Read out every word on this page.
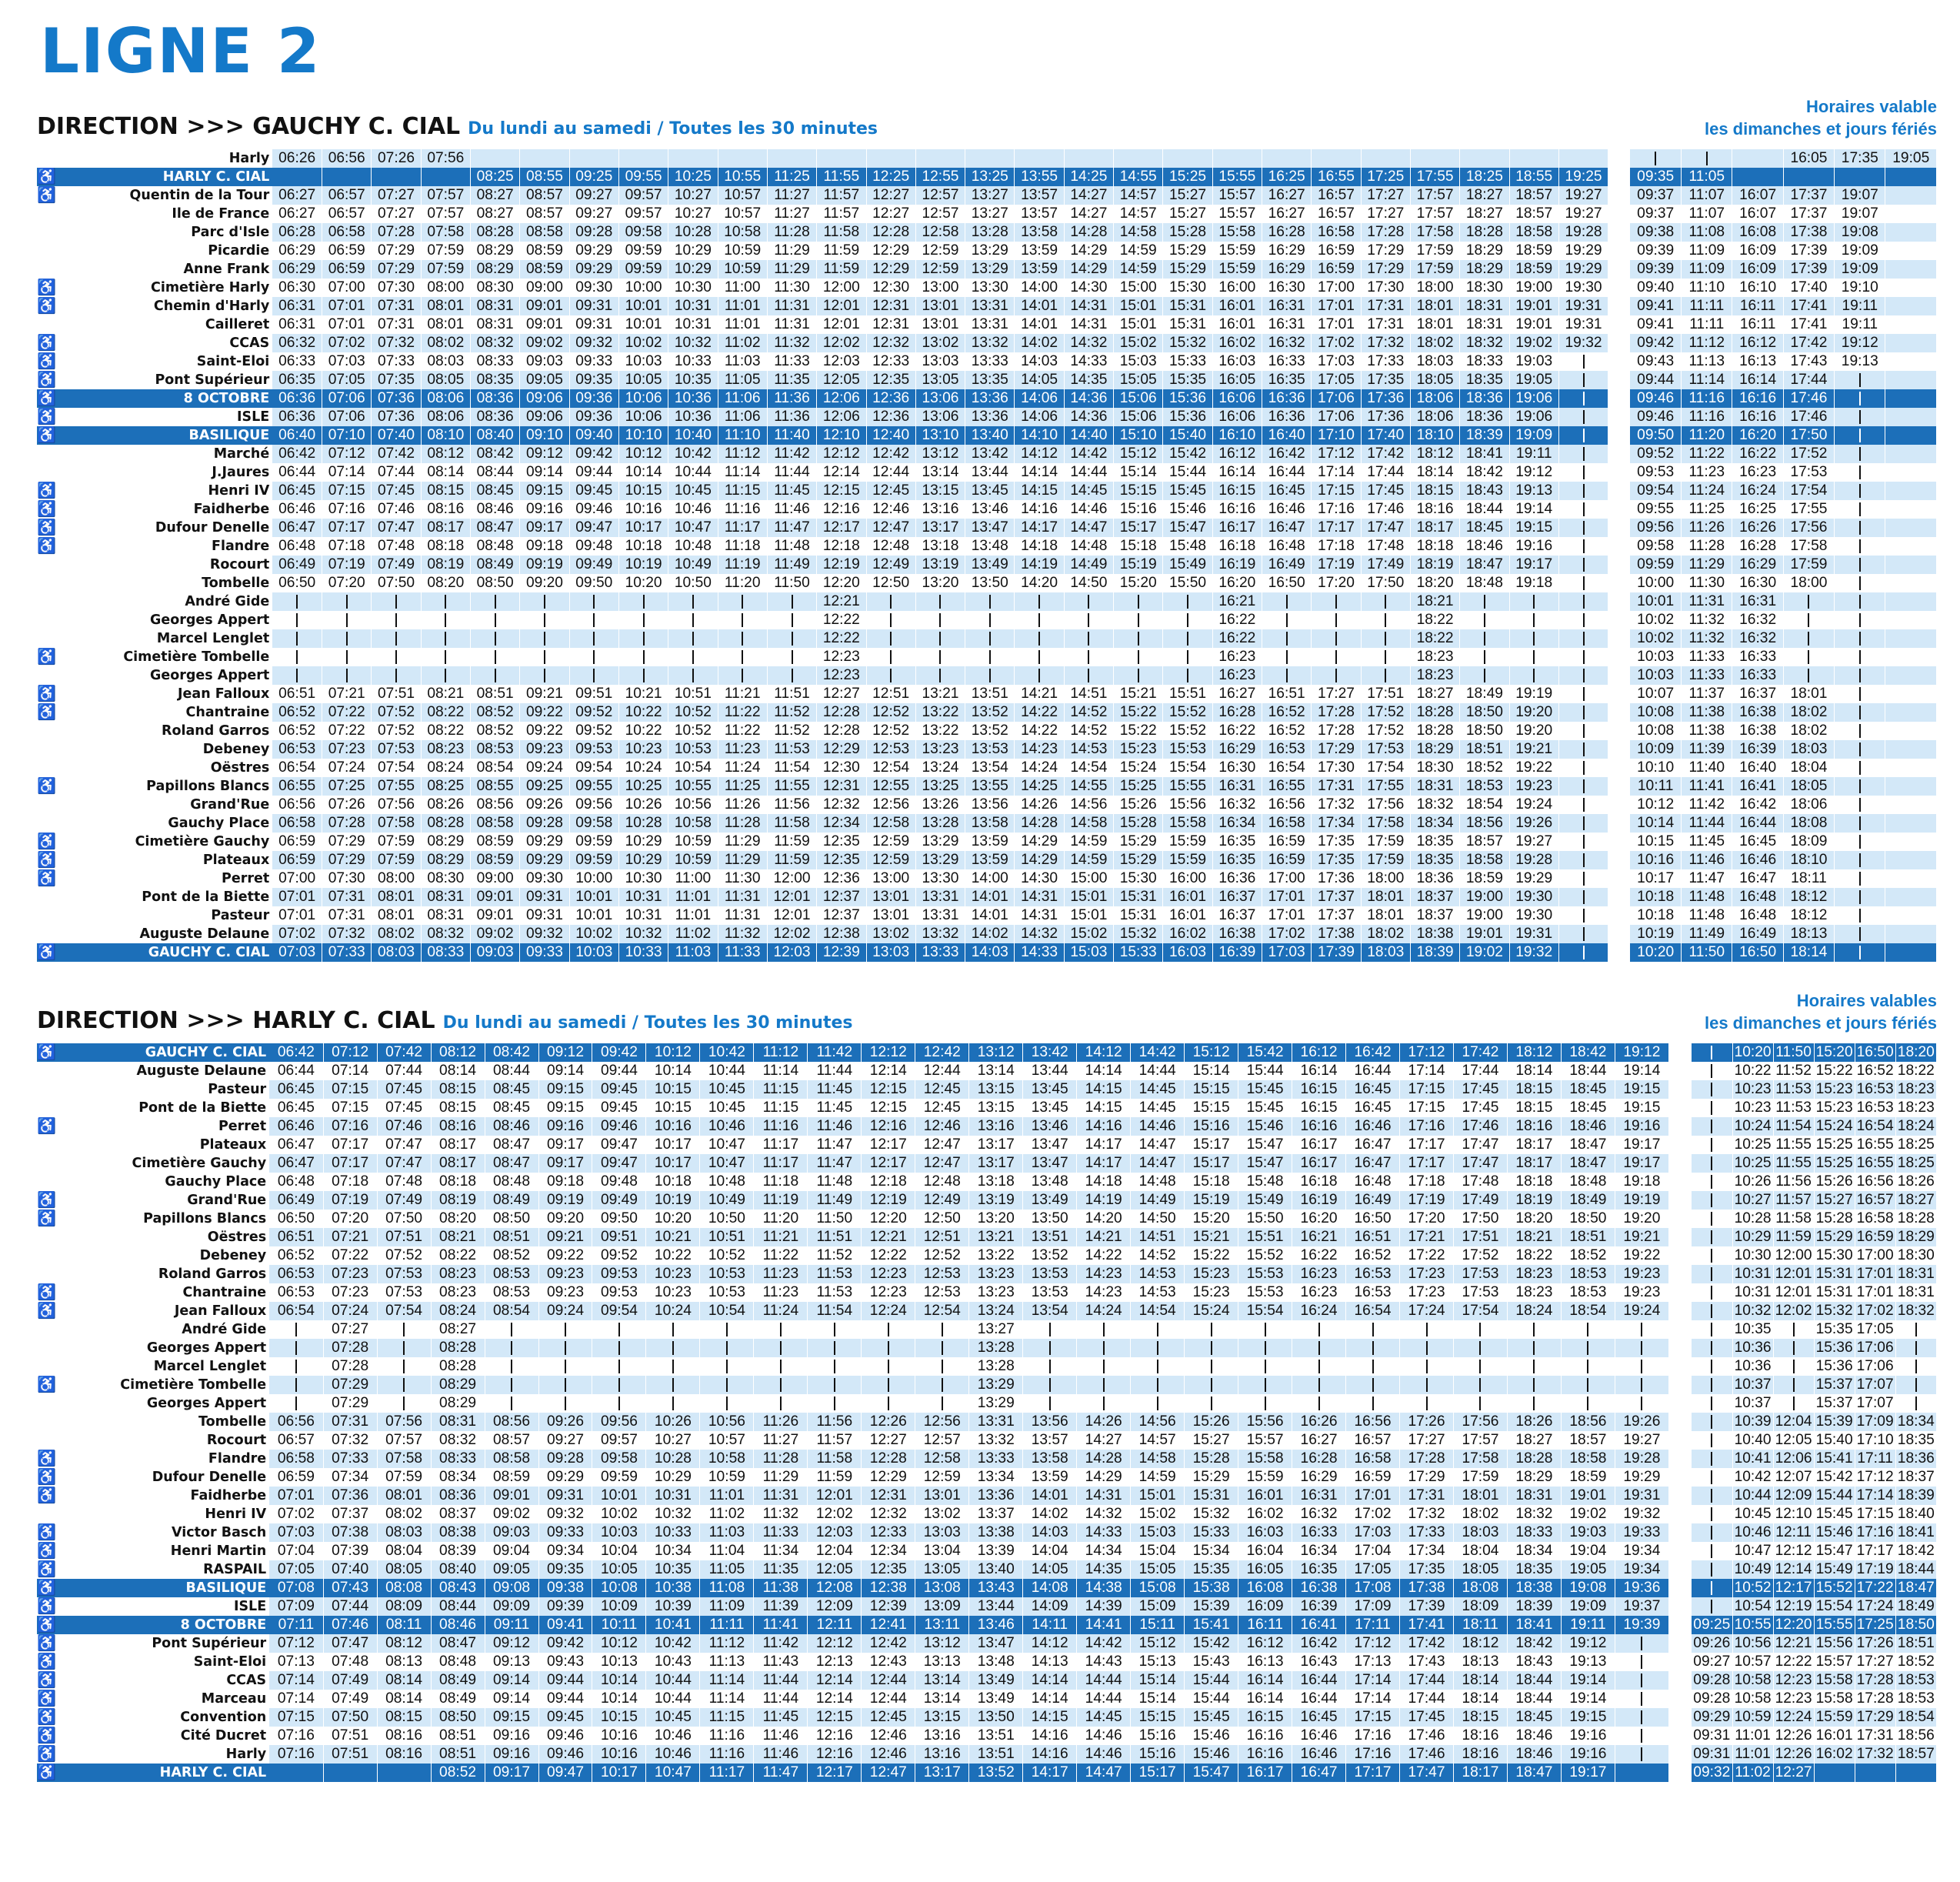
LIGNE 2
DIRECTION >>> GAUCHY C. CIAL Du lundi au samedi / Toutes les 30 minutes
Horaires valable
les dimanches et jours fériés
	Harly	06:26	06:56	07:26	07:56																												16:05	17:35	19:05
♿	HARLY C. CIAL					08:25	08:55	09:25	09:55	10:25	10:55	11:25	11:55	12:25	12:55	13:25	13:55	14:25	14:55	15:25	15:55	16:25	16:55	17:25	17:55	18:25	18:55	19:25		09:35	11:05				
♿	Quentin de la Tour	06:27	06:57	07:27	07:57	08:27	08:57	09:27	09:57	10:27	10:57	11:27	11:57	12:27	12:57	13:27	13:57	14:27	14:57	15:27	15:57	16:27	16:57	17:27	17:57	18:27	18:57	19:27		09:37	11:07	16:07	17:37	19:07	
	Ile de France	06:27	06:57	07:27	07:57	08:27	08:57	09:27	09:57	10:27	10:57	11:27	11:57	12:27	12:57	13:27	13:57	14:27	14:57	15:27	15:57	16:27	16:57	17:27	17:57	18:27	18:57	19:27		09:37	11:07	16:07	17:37	19:07	
	Parc d'Isle	06:28	06:58	07:28	07:58	08:28	08:58	09:28	09:58	10:28	10:58	11:28	11:58	12:28	12:58	13:28	13:58	14:28	14:58	15:28	15:58	16:28	16:58	17:28	17:58	18:28	18:58	19:28		09:38	11:08	16:08	17:38	19:08	
	Picardie	06:29	06:59	07:29	07:59	08:29	08:59	09:29	09:59	10:29	10:59	11:29	11:59	12:29	12:59	13:29	13:59	14:29	14:59	15:29	15:59	16:29	16:59	17:29	17:59	18:29	18:59	19:29		09:39	11:09	16:09	17:39	19:09	
	Anne Frank	06:29	06:59	07:29	07:59	08:29	08:59	09:29	09:59	10:29	10:59	11:29	11:59	12:29	12:59	13:29	13:59	14:29	14:59	15:29	15:59	16:29	16:59	17:29	17:59	18:29	18:59	19:29		09:39	11:09	16:09	17:39	19:09	
♿	Cimetière Harly	06:30	07:00	07:30	08:00	08:30	09:00	09:30	10:00	10:30	11:00	11:30	12:00	12:30	13:00	13:30	14:00	14:30	15:00	15:30	16:00	16:30	17:00	17:30	18:00	18:30	19:00	19:30		09:40	11:10	16:10	17:40	19:10	
♿	Chemin d'Harly	06:31	07:01	07:31	08:01	08:31	09:01	09:31	10:01	10:31	11:01	11:31	12:01	12:31	13:01	13:31	14:01	14:31	15:01	15:31	16:01	16:31	17:01	17:31	18:01	18:31	19:01	19:31		09:41	11:11	16:11	17:41	19:11	
	Cailleret	06:31	07:01	07:31	08:01	08:31	09:01	09:31	10:01	10:31	11:01	11:31	12:01	12:31	13:01	13:31	14:01	14:31	15:01	15:31	16:01	16:31	17:01	17:31	18:01	18:31	19:01	19:31		09:41	11:11	16:11	17:41	19:11	
♿	CCAS	06:32	07:02	07:32	08:02	08:32	09:02	09:32	10:02	10:32	11:02	11:32	12:02	12:32	13:02	13:32	14:02	14:32	15:02	15:32	16:02	16:32	17:02	17:32	18:02	18:32	19:02	19:32		09:42	11:12	16:12	17:42	19:12	
♿	Saint-Eloi	06:33	07:03	07:33	08:03	08:33	09:03	09:33	10:03	10:33	11:03	11:33	12:03	12:33	13:03	13:33	14:03	14:33	15:03	15:33	16:03	16:33	17:03	17:33	18:03	18:33	19:03			09:43	11:13	16:13	17:43	19:13	
♿	Pont Supérieur	06:35	07:05	07:35	08:05	08:35	09:05	09:35	10:05	10:35	11:05	11:35	12:05	12:35	13:05	13:35	14:05	14:35	15:05	15:35	16:05	16:35	17:05	17:35	18:05	18:35	19:05			09:44	11:14	16:14	17:44		
♿	8 OCTOBRE	06:36	07:06	07:36	08:06	08:36	09:06	09:36	10:06	10:36	11:06	11:36	12:06	12:36	13:06	13:36	14:06	14:36	15:06	15:36	16:06	16:36	17:06	17:36	18:06	18:36	19:06			09:46	11:16	16:16	17:46		
♿	ISLE	06:36	07:06	07:36	08:06	08:36	09:06	09:36	10:06	10:36	11:06	11:36	12:06	12:36	13:06	13:36	14:06	14:36	15:06	15:36	16:06	16:36	17:06	17:36	18:06	18:36	19:06			09:46	11:16	16:16	17:46		
♿	BASILIQUE	06:40	07:10	07:40	08:10	08:40	09:10	09:40	10:10	10:40	11:10	11:40	12:10	12:40	13:10	13:40	14:10	14:40	15:10	15:40	16:10	16:40	17:10	17:40	18:10	18:39	19:09			09:50	11:20	16:20	17:50		
	Marché	06:42	07:12	07:42	08:12	08:42	09:12	09:42	10:12	10:42	11:12	11:42	12:12	12:42	13:12	13:42	14:12	14:42	15:12	15:42	16:12	16:42	17:12	17:42	18:12	18:41	19:11			09:52	11:22	16:22	17:52		
	J.Jaures	06:44	07:14	07:44	08:14	08:44	09:14	09:44	10:14	10:44	11:14	11:44	12:14	12:44	13:14	13:44	14:14	14:44	15:14	15:44	16:14	16:44	17:14	17:44	18:14	18:42	19:12			09:53	11:23	16:23	17:53		
♿	Henri IV	06:45	07:15	07:45	08:15	08:45	09:15	09:45	10:15	10:45	11:15	11:45	12:15	12:45	13:15	13:45	14:15	14:45	15:15	15:45	16:15	16:45	17:15	17:45	18:15	18:43	19:13			09:54	11:24	16:24	17:54		
♿	Faidherbe	06:46	07:16	07:46	08:16	08:46	09:16	09:46	10:16	10:46	11:16	11:46	12:16	12:46	13:16	13:46	14:16	14:46	15:16	15:46	16:16	16:46	17:16	17:46	18:16	18:44	19:14			09:55	11:25	16:25	17:55		
♿	Dufour Denelle	06:47	07:17	07:47	08:17	08:47	09:17	09:47	10:17	10:47	11:17	11:47	12:17	12:47	13:17	13:47	14:17	14:47	15:17	15:47	16:17	16:47	17:17	17:47	18:17	18:45	19:15			09:56	11:26	16:26	17:56		
♿	Flandre	06:48	07:18	07:48	08:18	08:48	09:18	09:48	10:18	10:48	11:18	11:48	12:18	12:48	13:18	13:48	14:18	14:48	15:18	15:48	16:18	16:48	17:18	17:48	18:18	18:46	19:16			09:58	11:28	16:28	17:58		
	Rocourt	06:49	07:19	07:49	08:19	08:49	09:19	09:49	10:19	10:49	11:19	11:49	12:19	12:49	13:19	13:49	14:19	14:49	15:19	15:49	16:19	16:49	17:19	17:49	18:19	18:47	19:17			09:59	11:29	16:29	17:59		
	Tombelle	06:50	07:20	07:50	08:20	08:50	09:20	09:50	10:20	10:50	11:20	11:50	12:20	12:50	13:20	13:50	14:20	14:50	15:20	15:50	16:20	16:50	17:20	17:50	18:20	18:48	19:18			10:00	11:30	16:30	18:00		
	André Gide												12:21								16:21				18:21					10:01	11:31	16:31			
	Georges Appert												12:22								16:22				18:22					10:02	11:32	16:32			
	Marcel Lenglet												12:22								16:22				18:22					10:02	11:32	16:32			
♿	Cimetière Tombelle												12:23								16:23				18:23					10:03	11:33	16:33			
	Georges Appert												12:23								16:23				18:23					10:03	11:33	16:33			
♿	Jean Falloux	06:51	07:21	07:51	08:21	08:51	09:21	09:51	10:21	10:51	11:21	11:51	12:27	12:51	13:21	13:51	14:21	14:51	15:21	15:51	16:27	16:51	17:27	17:51	18:27	18:49	19:19			10:07	11:37	16:37	18:01		
♿	Chantraine	06:52	07:22	07:52	08:22	08:52	09:22	09:52	10:22	10:52	11:22	11:52	12:28	12:52	13:22	13:52	14:22	14:52	15:22	15:52	16:28	16:52	17:28	17:52	18:28	18:50	19:20			10:08	11:38	16:38	18:02		
	Roland Garros	06:52	07:22	07:52	08:22	08:52	09:22	09:52	10:22	10:52	11:22	11:52	12:28	12:52	13:22	13:52	14:22	14:52	15:22	15:52	16:22	16:52	17:28	17:52	18:28	18:50	19:20			10:08	11:38	16:38	18:02		
	Debeney	06:53	07:23	07:53	08:23	08:53	09:23	09:53	10:23	10:53	11:23	11:53	12:29	12:53	13:23	13:53	14:23	14:53	15:23	15:53	16:29	16:53	17:29	17:53	18:29	18:51	19:21			10:09	11:39	16:39	18:03		
	Oëstres	06:54	07:24	07:54	08:24	08:54	09:24	09:54	10:24	10:54	11:24	11:54	12:30	12:54	13:24	13:54	14:24	14:54	15:24	15:54	16:30	16:54	17:30	17:54	18:30	18:52	19:22			10:10	11:40	16:40	18:04		
♿	Papillons Blancs	06:55	07:25	07:55	08:25	08:55	09:25	09:55	10:25	10:55	11:25	11:55	12:31	12:55	13:25	13:55	14:25	14:55	15:25	15:55	16:31	16:55	17:31	17:55	18:31	18:53	19:23			10:11	11:41	16:41	18:05		
	Grand'Rue	06:56	07:26	07:56	08:26	08:56	09:26	09:56	10:26	10:56	11:26	11:56	12:32	12:56	13:26	13:56	14:26	14:56	15:26	15:56	16:32	16:56	17:32	17:56	18:32	18:54	19:24			10:12	11:42	16:42	18:06		
	Gauchy Place	06:58	07:28	07:58	08:28	08:58	09:28	09:58	10:28	10:58	11:28	11:58	12:34	12:58	13:28	13:58	14:28	14:58	15:28	15:58	16:34	16:58	17:34	17:58	18:34	18:56	19:26			10:14	11:44	16:44	18:08		
♿	Cimetière Gauchy	06:59	07:29	07:59	08:29	08:59	09:29	09:59	10:29	10:59	11:29	11:59	12:35	12:59	13:29	13:59	14:29	14:59	15:29	15:59	16:35	16:59	17:35	17:59	18:35	18:57	19:27			10:15	11:45	16:45	18:09		
♿	Plateaux	06:59	07:29	07:59	08:29	08:59	09:29	09:59	10:29	10:59	11:29	11:59	12:35	12:59	13:29	13:59	14:29	14:59	15:29	15:59	16:35	16:59	17:35	17:59	18:35	18:58	19:28			10:16	11:46	16:46	18:10		
♿	Perret	07:00	07:30	08:00	08:30	09:00	09:30	10:00	10:30	11:00	11:30	12:00	12:36	13:00	13:30	14:00	14:30	15:00	15:30	16:00	16:36	17:00	17:36	18:00	18:36	18:59	19:29			10:17	11:47	16:47	18:11		
	Pont de la Biette	07:01	07:31	08:01	08:31	09:01	09:31	10:01	10:31	11:01	11:31	12:01	12:37	13:01	13:31	14:01	14:31	15:01	15:31	16:01	16:37	17:01	17:37	18:01	18:37	19:00	19:30			10:18	11:48	16:48	18:12		
	Pasteur	07:01	07:31	08:01	08:31	09:01	09:31	10:01	10:31	11:01	11:31	12:01	12:37	13:01	13:31	14:01	14:31	15:01	15:31	16:01	16:37	17:01	17:37	18:01	18:37	19:00	19:30			10:18	11:48	16:48	18:12		
	Auguste Delaune	07:02	07:32	08:02	08:32	09:02	09:32	10:02	10:32	11:02	11:32	12:02	12:38	13:02	13:32	14:02	14:32	15:02	15:32	16:02	16:38	17:02	17:38	18:02	18:38	19:01	19:31			10:19	11:49	16:49	18:13		
♿	GAUCHY C. CIAL	07:03	07:33	08:03	08:33	09:03	09:33	10:03	10:33	11:03	11:33	12:03	12:39	13:03	13:33	14:03	14:33	15:03	15:33	16:03	16:39	17:03	17:39	18:03	18:39	19:02	19:32			10:20	11:50	16:50	18:14		
DIRECTION >>> HARLY C. CIAL Du lundi au samedi / Toutes les 30 minutes
Horaires valables
les dimanches et jours fériés
♿	GAUCHY C. CIAL	06:42	07:12	07:42	08:12	08:42	09:12	09:42	10:12	10:42	11:12	11:42	12:12	12:42	13:12	13:42	14:12	14:42	15:12	15:42	16:12	16:42	17:12	17:42	18:12	18:42	19:12			10:20	11:50	15:20	16:50	18:20
	Auguste Delaune	06:44	07:14	07:44	08:14	08:44	09:14	09:44	10:14	10:44	11:14	11:44	12:14	12:44	13:14	13:44	14:14	14:44	15:14	15:44	16:14	16:44	17:14	17:44	18:14	18:44	19:14			10:22	11:52	15:22	16:52	18:22
	Pasteur	06:45	07:15	07:45	08:15	08:45	09:15	09:45	10:15	10:45	11:15	11:45	12:15	12:45	13:15	13:45	14:15	14:45	15:15	15:45	16:15	16:45	17:15	17:45	18:15	18:45	19:15			10:23	11:53	15:23	16:53	18:23
	Pont de la Biette	06:45	07:15	07:45	08:15	08:45	09:15	09:45	10:15	10:45	11:15	11:45	12:15	12:45	13:15	13:45	14:15	14:45	15:15	15:45	16:15	16:45	17:15	17:45	18:15	18:45	19:15			10:23	11:53	15:23	16:53	18:23
♿	Perret	06:46	07:16	07:46	08:16	08:46	09:16	09:46	10:16	10:46	11:16	11:46	12:16	12:46	13:16	13:46	14:16	14:46	15:16	15:46	16:16	16:46	17:16	17:46	18:16	18:46	19:16			10:24	11:54	15:24	16:54	18:24
	Plateaux	06:47	07:17	07:47	08:17	08:47	09:17	09:47	10:17	10:47	11:17	11:47	12:17	12:47	13:17	13:47	14:17	14:47	15:17	15:47	16:17	16:47	17:17	17:47	18:17	18:47	19:17			10:25	11:55	15:25	16:55	18:25
	Cimetière Gauchy	06:47	07:17	07:47	08:17	08:47	09:17	09:47	10:17	10:47	11:17	11:47	12:17	12:47	13:17	13:47	14:17	14:47	15:17	15:47	16:17	16:47	17:17	17:47	18:17	18:47	19:17			10:25	11:55	15:25	16:55	18:25
	Gauchy Place	06:48	07:18	07:48	08:18	08:48	09:18	09:48	10:18	10:48	11:18	11:48	12:18	12:48	13:18	13:48	14:18	14:48	15:18	15:48	16:18	16:48	17:18	17:48	18:18	18:48	19:18			10:26	11:56	15:26	16:56	18:26
♿	Grand'Rue	06:49	07:19	07:49	08:19	08:49	09:19	09:49	10:19	10:49	11:19	11:49	12:19	12:49	13:19	13:49	14:19	14:49	15:19	15:49	16:19	16:49	17:19	17:49	18:19	18:49	19:19			10:27	11:57	15:27	16:57	18:27
♿	Papillons Blancs	06:50	07:20	07:50	08:20	08:50	09:20	09:50	10:20	10:50	11:20	11:50	12:20	12:50	13:20	13:50	14:20	14:50	15:20	15:50	16:20	16:50	17:20	17:50	18:20	18:50	19:20			10:28	11:58	15:28	16:58	18:28
	Oëstres	06:51	07:21	07:51	08:21	08:51	09:21	09:51	10:21	10:51	11:21	11:51	12:21	12:51	13:21	13:51	14:21	14:51	15:21	15:51	16:21	16:51	17:21	17:51	18:21	18:51	19:21			10:29	11:59	15:29	16:59	18:29
	Debeney	06:52	07:22	07:52	08:22	08:52	09:22	09:52	10:22	10:52	11:22	11:52	12:22	12:52	13:22	13:52	14:22	14:52	15:22	15:52	16:22	16:52	17:22	17:52	18:22	18:52	19:22			10:30	12:00	15:30	17:00	18:30
	Roland Garros	06:53	07:23	07:53	08:23	08:53	09:23	09:53	10:23	10:53	11:23	11:53	12:23	12:53	13:23	13:53	14:23	14:53	15:23	15:53	16:23	16:53	17:23	17:53	18:23	18:53	19:23			10:31	12:01	15:31	17:01	18:31
♿	Chantraine	06:53	07:23	07:53	08:23	08:53	09:23	09:53	10:23	10:53	11:23	11:53	12:23	12:53	13:23	13:53	14:23	14:53	15:23	15:53	16:23	16:53	17:23	17:53	18:23	18:53	19:23			10:31	12:01	15:31	17:01	18:31
♿	Jean Falloux	06:54	07:24	07:54	08:24	08:54	09:24	09:54	10:24	10:54	11:24	11:54	12:24	12:54	13:24	13:54	14:24	14:54	15:24	15:54	16:24	16:54	17:24	17:54	18:24	18:54	19:24			10:32	12:02	15:32	17:02	18:32
	André Gide		07:27		08:27										13:27															10:35		15:35	17:05	
	Georges Appert		07:28		08:28										13:28															10:36		15:36	17:06	
	Marcel Lenglet		07:28		08:28										13:28															10:36		15:36	17:06	
♿	Cimetière Tombelle		07:29		08:29										13:29															10:37		15:37	17:07	
	Georges Appert		07:29		08:29										13:29															10:37		15:37	17:07	
	Tombelle	06:56	07:31	07:56	08:31	08:56	09:26	09:56	10:26	10:56	11:26	11:56	12:26	12:56	13:31	13:56	14:26	14:56	15:26	15:56	16:26	16:56	17:26	17:56	18:26	18:56	19:26			10:39	12:04	15:39	17:09	18:34
	Rocourt	06:57	07:32	07:57	08:32	08:57	09:27	09:57	10:27	10:57	11:27	11:57	12:27	12:57	13:32	13:57	14:27	14:57	15:27	15:57	16:27	16:57	17:27	17:57	18:27	18:57	19:27			10:40	12:05	15:40	17:10	18:35
♿	Flandre	06:58	07:33	07:58	08:33	08:58	09:28	09:58	10:28	10:58	11:28	11:58	12:28	12:58	13:33	13:58	14:28	14:58	15:28	15:58	16:28	16:58	17:28	17:58	18:28	18:58	19:28			10:41	12:06	15:41	17:11	18:36
♿	Dufour Denelle	06:59	07:34	07:59	08:34	08:59	09:29	09:59	10:29	10:59	11:29	11:59	12:29	12:59	13:34	13:59	14:29	14:59	15:29	15:59	16:29	16:59	17:29	17:59	18:29	18:59	19:29			10:42	12:07	15:42	17:12	18:37
♿	Faidherbe	07:01	07:36	08:01	08:36	09:01	09:31	10:01	10:31	11:01	11:31	12:01	12:31	13:01	13:36	14:01	14:31	15:01	15:31	16:01	16:31	17:01	17:31	18:01	18:31	19:01	19:31			10:44	12:09	15:44	17:14	18:39
	Henri IV	07:02	07:37	08:02	08:37	09:02	09:32	10:02	10:32	11:02	11:32	12:02	12:32	13:02	13:37	14:02	14:32	15:02	15:32	16:02	16:32	17:02	17:32	18:02	18:32	19:02	19:32			10:45	12:10	15:45	17:15	18:40
♿	Victor Basch	07:03	07:38	08:03	08:38	09:03	09:33	10:03	10:33	11:03	11:33	12:03	12:33	13:03	13:38	14:03	14:33	15:03	15:33	16:03	16:33	17:03	17:33	18:03	18:33	19:03	19:33			10:46	12:11	15:46	17:16	18:41
♿	Henri Martin	07:04	07:39	08:04	08:39	09:04	09:34	10:04	10:34	11:04	11:34	12:04	12:34	13:04	13:39	14:04	14:34	15:04	15:34	16:04	16:34	17:04	17:34	18:04	18:34	19:04	19:34			10:47	12:12	15:47	17:17	18:42
♿	RASPAIL	07:05	07:40	08:05	08:40	09:05	09:35	10:05	10:35	11:05	11:35	12:05	12:35	13:05	13:40	14:05	14:35	15:05	15:35	16:05	16:35	17:05	17:35	18:05	18:35	19:05	19:34			10:49	12:14	15:49	17:19	18:44
♿	BASILIQUE	07:08	07:43	08:08	08:43	09:08	09:38	10:08	10:38	11:08	11:38	12:08	12:38	13:08	13:43	14:08	14:38	15:08	15:38	16:08	16:38	17:08	17:38	18:08	18:38	19:08	19:36			10:52	12:17	15:52	17:22	18:47
♿	ISLE	07:09	07:44	08:09	08:44	09:09	09:39	10:09	10:39	11:09	11:39	12:09	12:39	13:09	13:44	14:09	14:39	15:09	15:39	16:09	16:39	17:09	17:39	18:09	18:39	19:09	19:37			10:54	12:19	15:54	17:24	18:49
♿	8 OCTOBRE	07:11	07:46	08:11	08:46	09:11	09:41	10:11	10:41	11:11	11:41	12:11	12:41	13:11	13:46	14:11	14:41	15:11	15:41	16:11	16:41	17:11	17:41	18:11	18:41	19:11	19:39		09:25	10:55	12:20	15:55	17:25	18:50
♿	Pont Supérieur	07:12	07:47	08:12	08:47	09:12	09:42	10:12	10:42	11:12	11:42	12:12	12:42	13:12	13:47	14:12	14:42	15:12	15:42	16:12	16:42	17:12	17:42	18:12	18:42	19:12			09:26	10:56	12:21	15:56	17:26	18:51
♿	Saint-Eloi	07:13	07:48	08:13	08:48	09:13	09:43	10:13	10:43	11:13	11:43	12:13	12:43	13:13	13:48	14:13	14:43	15:13	15:43	16:13	16:43	17:13	17:43	18:13	18:43	19:13			09:27	10:57	12:22	15:57	17:27	18:52
♿	CCAS	07:14	07:49	08:14	08:49	09:14	09:44	10:14	10:44	11:14	11:44	12:14	12:44	13:14	13:49	14:14	14:44	15:14	15:44	16:14	16:44	17:14	17:44	18:14	18:44	19:14			09:28	10:58	12:23	15:58	17:28	18:53
♿	Marceau	07:14	07:49	08:14	08:49	09:14	09:44	10:14	10:44	11:14	11:44	12:14	12:44	13:14	13:49	14:14	14:44	15:14	15:44	16:14	16:44	17:14	17:44	18:14	18:44	19:14			09:28	10:58	12:23	15:58	17:28	18:53
♿	Convention	07:15	07:50	08:15	08:50	09:15	09:45	10:15	10:45	11:15	11:45	12:15	12:45	13:15	13:50	14:15	14:45	15:15	15:45	16:15	16:45	17:15	17:45	18:15	18:45	19:15			09:29	10:59	12:24	15:59	17:29	18:54
♿	Cité Ducret	07:16	07:51	08:16	08:51	09:16	09:46	10:16	10:46	11:16	11:46	12:16	12:46	13:16	13:51	14:16	14:46	15:16	15:46	16:16	16:46	17:16	17:46	18:16	18:46	19:16			09:31	11:01	12:26	16:01	17:31	18:56
♿	Harly	07:16	07:51	08:16	08:51	09:16	09:46	10:16	10:46	11:16	11:46	12:16	12:46	13:16	13:51	14:16	14:46	15:16	15:46	16:16	16:46	17:16	17:46	18:16	18:46	19:16			09:31	11:01	12:26	16:02	17:32	18:57
♿	HARLY C. CIAL				08:52	09:17	09:47	10:17	10:47	11:17	11:47	12:17	12:47	13:17	13:52	14:17	14:47	15:17	15:47	16:17	16:47	17:17	17:47	18:17	18:47	19:17			09:32	11:02	12:27			
